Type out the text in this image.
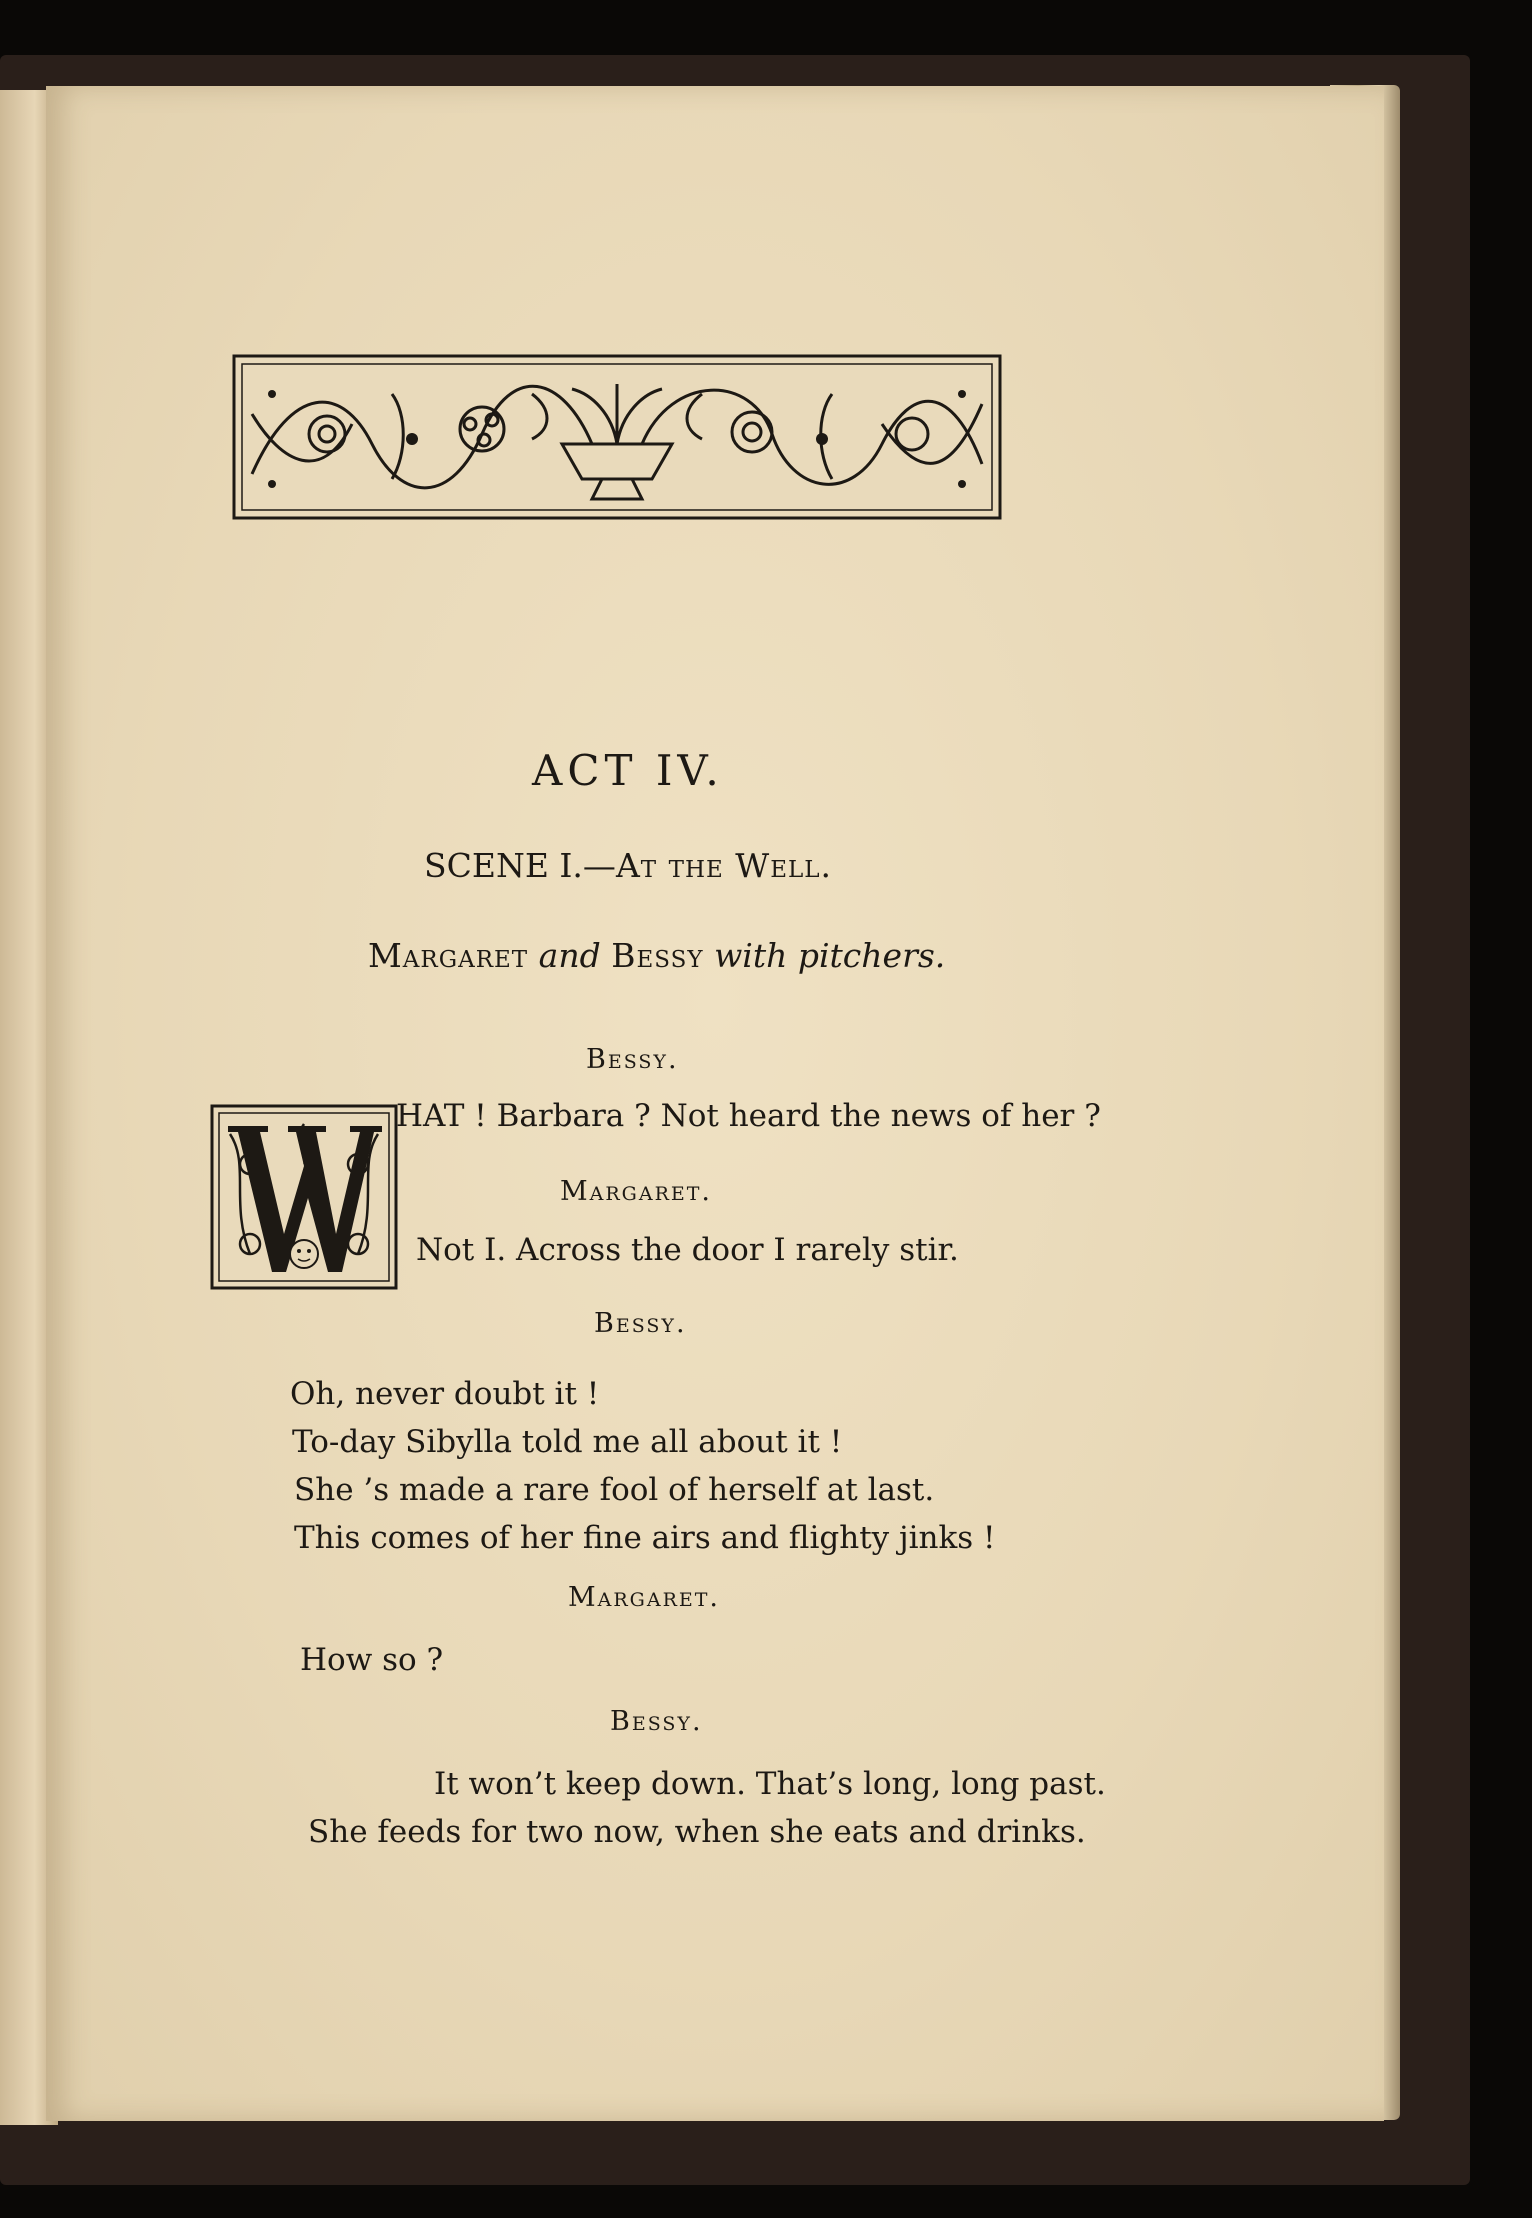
ACT IV.
SCENE I.—At the Well.
Margaret and Bessy with pitchers.
Bessy.
HAT ! Barbara ? Not heard the news of her ?
Margaret.
Not I. Across the door I rarely stir.
Bessy.
Oh, never doubt it !
To-day Sibylla told me all about it !
She ’s made a rare fool of herself at last.
This comes of her fine airs and flighty jinks !
Margaret.
How so ?
Bessy.
It won’t keep down. That’s long, long past.
She feeds for two now, when she eats and drinks.
